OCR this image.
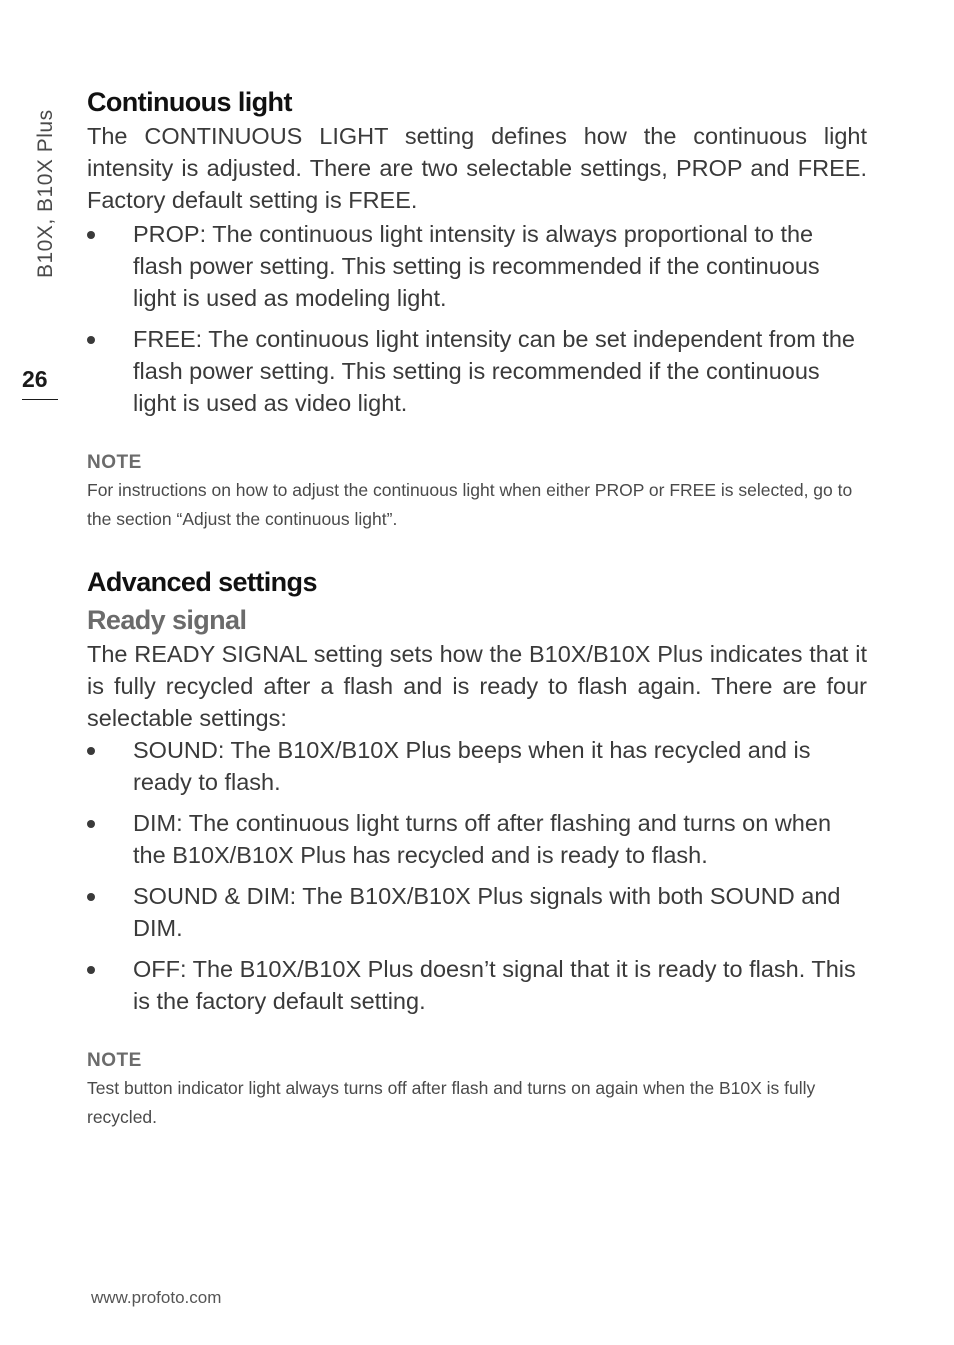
B10X, B10X Plus
26
Continuous light

The CONTINUOUS LIGHT setting defines how the continuous light intensity is adjusted. There are two selectable settings, PROP and FREE. Factory default setting is FREE.

PROP: The continuous light intensity is always proportional to the flash power setting. This setting is recommended if the continuous light is used as modeling light.
FREE: The continuous light intensity can be set independent from the flash power setting. This setting is recommended if the continuous light is used as video light.
NOTE

For instructions on how to adjust the continuous light when either PROP or FREE is selected, go to the section “Adjust the continuous light”.

Advanced settings
Ready signal

The READY SIGNAL setting sets how the B10X/B10X Plus indicates that it is fully recycled after a flash and is ready to flash again. There are four selectable settings:

SOUND: The B10X/B10X Plus beeps when it has recycled and is ready to flash.
DIM: The continuous light turns off after flashing and turns on when the B10X/B10X Plus has recycled and is ready to flash.
SOUND & DIM: The B10X/B10X Plus signals with both SOUND and DIM.
OFF: The B10X/B10X Plus doesn’t signal that it is ready to flash. This is the factory default setting.
NOTE

Test button indicator light always turns off after flash and turns on again when the B10X is fully recycled.

www.profoto.com
